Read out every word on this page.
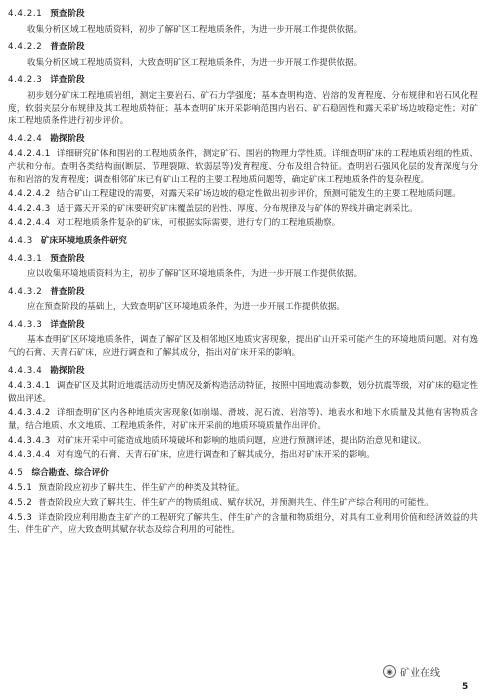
4.4.2.1 预查阶段
收集分析区域工程地质资料，初步了解矿区工程地质条件，为进一步开展工作提供依据。
4.4.2.2 普查阶段
收集分析区域工程地质资料，大致查明矿区工程地质条件，为进一步开展工作提供依据。
4.4.2.3 详查阶段
初步划分矿床工程地质岩组，测定主要岩石、矿石力学强度；基本查明构造、岩溶的发育程度、分布规律和岩石风化程度，软弱夹层分布规律及其工程地质特征；基本查明矿床开采影响范围内岩石、矿石稳固性和露天采矿场边坡稳定性；对矿床工程地质条件进行初步评价。
4.4.2.4 勘探阶段
4.4.2.4.1 详细研究矿体和围岩的工程地质条件，测定矿石、围岩的物理力学性质。详细查明矿床的工程地质岩组的性质、产状和分布。查明各类结构面(断层、节理裂隙、软弱层等)发育程度、分布及组合特征。查明岩石强风化层的发育深度与分布和岩溶的发育程度；调查相邻矿床已有矿山工程的主要工程地质问题等，确定矿床工程地质条件的复杂程度。
4.4.2.4.2 结合矿山工程建设的需要，对露天采矿场边坡的稳定性做出初步评价，预测可能发生的主要工程地质问题。
4.4.2.4.3 适于露天开采的矿床要研究矿床覆盖层的岩性、厚度、分布规律及与矿体的界线并确定剥采比。
4.4.2.4.4 对工程地质条件复杂的矿床，可根据实际需要，进行专门的工程地质勘察。
4.4.3 矿床环境地质条件研究
4.4.3.1 预查阶段
应以收集环境地质资料为主，初步了解矿区环境地质条件，为进一步开展工作提供依据。
4.4.3.2 普查阶段
应在预查阶段的基础上，大致查明矿区环境地质条件，为进一步开展工作提供依据。
4.4.3.3 详查阶段
基本查明矿区环境地质条件，调查了解矿区及相邻地区地质灾害现象，提出矿山开采可能产生的环境地质问题。对有逸气的石膏、天青石矿床，应进行调查和了解其成分，指出对矿床开采的影响。
4.4.3.4 勘探阶段
4.4.3.4.1 调查矿区及其附近地震活动历史情况及新构造活动特征，按照中国地震动参数，划分抗震等级，对矿床的稳定性做出评述。
4.4.3.4.2 详细查明矿区内各种地质灾害现象(如崩塌、滑坡、泥石流、岩溶等)、地表水和地下水质量及其他有害物质含量，结合地质、水文地质、工程地质条件，对矿床开采前的地质环境质量作出评价。
4.4.3.4.3 对矿床开采中可能造成地质环境破坏和影响的地质问题，应进行预测评述，提出防治意见和建议。
4.4.3.4.4 对有逸气的石膏、天青石矿床，应进行调查和了解其成分，指出对矿床开采的影响。
4.5 综合勘查、综合评价
4.5.1 预查阶段应初步了解共生、伴生矿产的种类及其特征。
4.5.2 普查阶段应大致了解共生、伴生矿产的物质组成、赋存状况，并预测共生、伴生矿产综合利用的可能性。
4.5.3 详查阶段应利用勘查主矿产的工程研究了解共生、伴生矿产的含量和物质组分，对具有工业利用价值和经济效益的共生、伴生矿产，应大致查明其赋存状态及综合利用的可能性。
◉ 矿业在线
5
